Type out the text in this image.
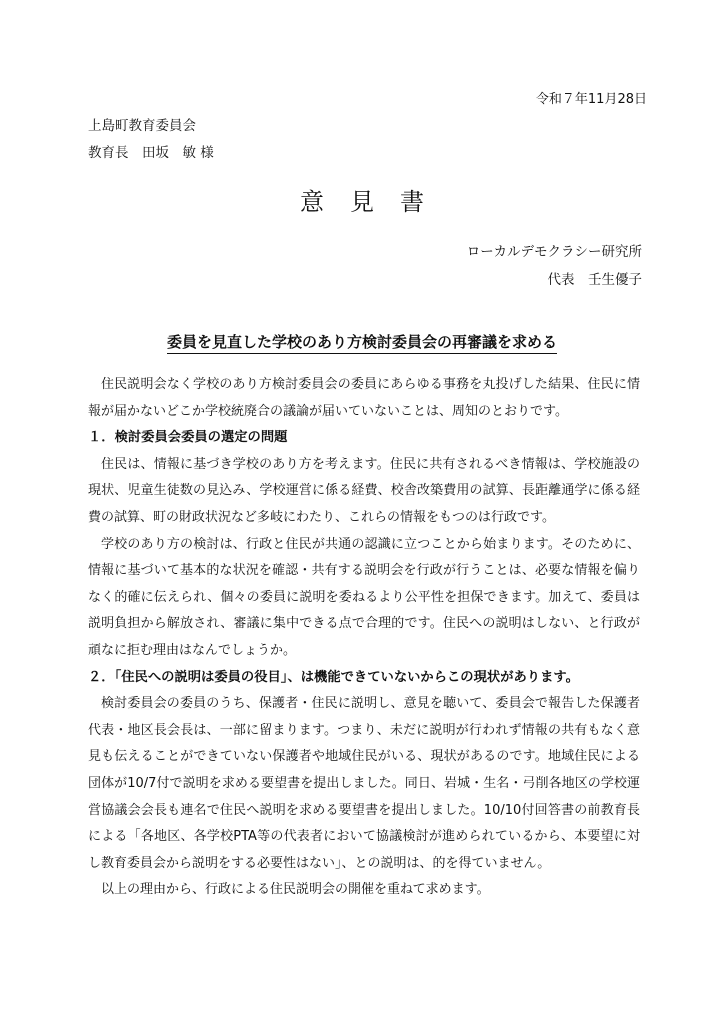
令和７年11月28日
上島町教育委員会
教育長　田坂　敏 様
意見書
ローカルデモクラシー研究所
代表　壬生優子
委員を見直した学校のあり方検討委員会の再審議を求める

住民説明会なく学校のあり方検討委員会の委員にあらゆる事務を丸投げした結果、住民に情報が届かないどこか学校統廃合の議論が届いていないことは、周知のとおりです。

１．検討委員会委員の選定の問題

住民は、情報に基づき学校のあり方を考えます。住民に共有されるべき情報は、学校施設の現状、児童生徒数の見込み、学校運営に係る経費、校舎改築費用の試算、長距離通学に係る経費の試算、町の財政状況など多岐にわたり、これらの情報をもつのは行政です。

学校のあり方の検討は、行政と住民が共通の認識に立つことから始まります。そのために、情報に基づいて基本的な状況を確認・共有する説明会を行政が行うことは、必要な情報を偏りなく的確に伝えられ、個々の委員に説明を委ねるより公平性を担保できます。加えて、委員は説明負担から解放され、審議に集中できる点で合理的です。住民への説明はしない、と行政が頑なに拒む理由はなんでしょうか。

２．「住民への説明は委員の役目」、は機能できていないからこの現状があります。

検討委員会の委員のうち、保護者・住民に説明し、意見を聴いて、委員会で報告した保護者代表・地区長会長は、一部に留まります。つまり、未だに説明が行われず情報の共有もなく意見も伝えることができていない保護者や地域住民がいる、現状があるのです。地域住民による団体が10/7付で説明を求める要望書を提出しました。同日、岩城・生名・弓削各地区の学校運営協議会会長も連名で住民へ説明を求める要望書を提出しました。10/10付回答書の前教育長による「各地区、各学校PTA等の代表者において協議検討が進められているから、本要望に対し教育委員会から説明をする必要性はない」、との説明は、的を得ていません。

以上の理由から、行政による住民説明会の開催を重ねて求めます。
